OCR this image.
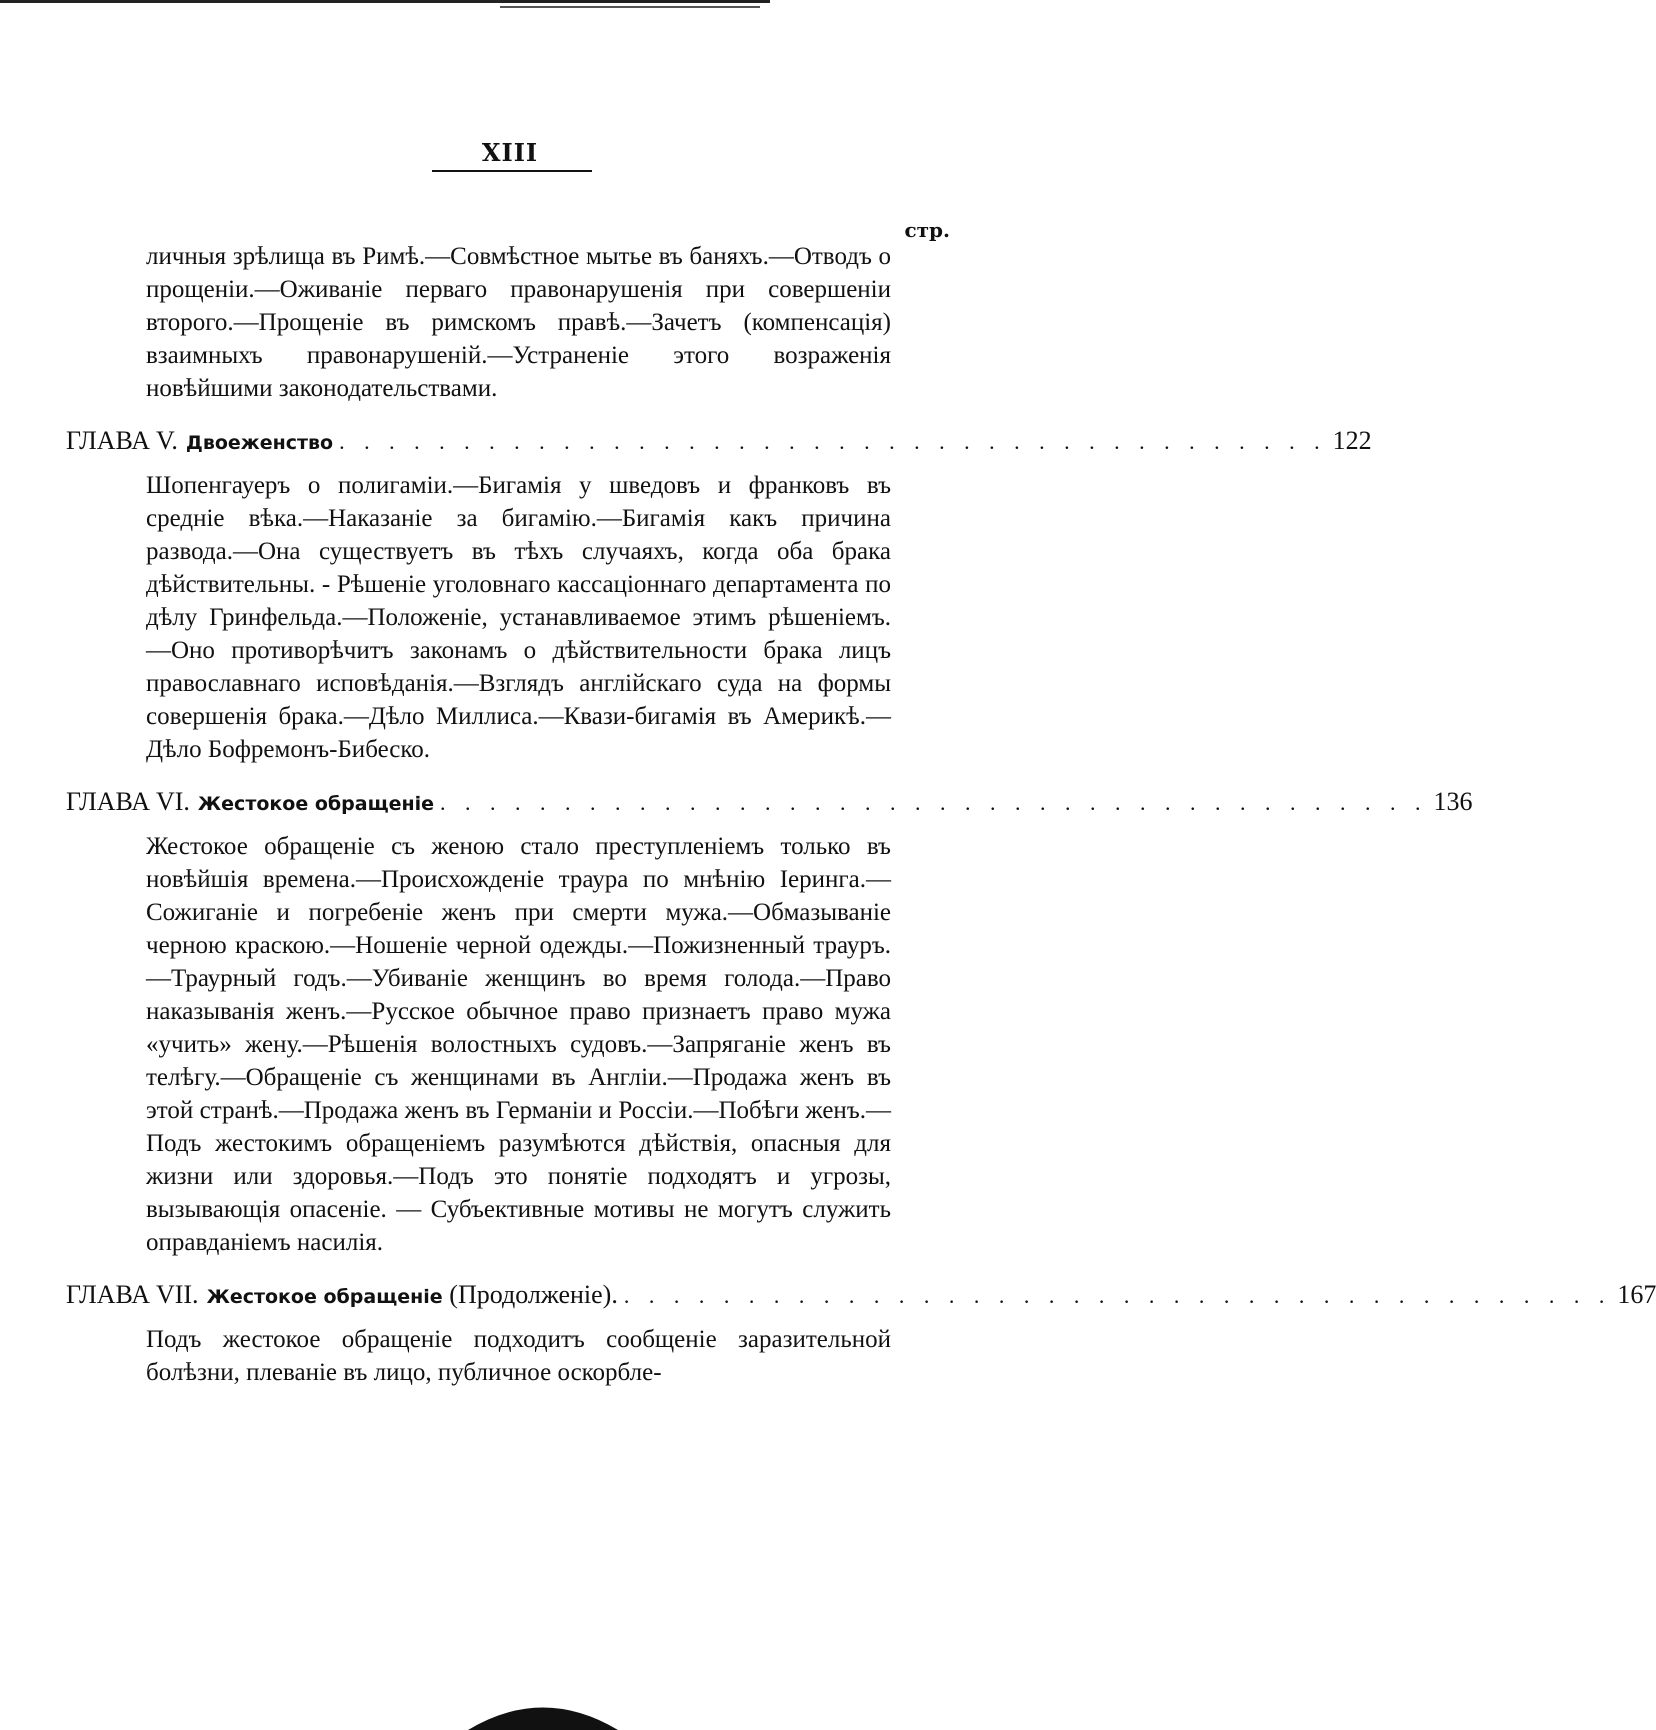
XIII
стр.

личныя зрѣлища въ Римѣ.—Совмѣстное мытье въ баняхъ.—Отводъ о прощеніи.—Оживаніе перваго правонарушенія при совершеніи второго.—Прощеніе въ римскомъ правѣ.—Зачетъ (компенсація) взаимныхъ правонарушеній.—Устраненіе этого возраженія новѣйшими законодательствами.

ГЛАВА V. Двоеженство . . . . . . . . . . . . . . . . . . . . . . . . . . . . . . . . . . . . . . . . 122

Шопенгауеръ о полигаміи.—Бигамія у шведовъ и франковъ въ средніе вѣка.—Наказаніе за бигамію.—Бигамія какъ причина развода.—Она существуетъ въ тѣхъ случаяхъ, когда оба брака дѣйствительны. - Рѣшеніе уголовнаго кассаціоннаго департамента по дѣлу Гринфельда.—Положеніе, устанавливаемое этимъ рѣшеніемъ.—Оно противорѣчитъ законамъ о дѣйствительности брака лицъ православнаго исповѣданія.—Взглядъ англійскаго суда на формы совершенія брака.—Дѣло Миллиса.—Квази-бигамія въ Америкѣ.—Дѣло Бофремонъ-Бибеско.

ГЛАВА VI. Жестокое обращеніе . . . . . . . . . . . . . . . . . . . . . . . . . . . . . . . . . . . . . . . . 136

Жестокое обращеніе съ женою стало преступленіемъ только въ новѣйшія времена.—Происхожденіе траура по мнѣнію Іеринга.—Сожиганіе и погребеніе женъ при смерти мужа.—Обмазываніе черною краскою.—Ношеніе черной одежды.—Пожизненный трауръ.—Траурный годъ.—Убиваніе женщинъ во время голода.—Право наказыванія женъ.—Русское обычное право признаетъ право мужа «учить» жену.—Рѣшенія волостныхъ судовъ.—Запряганіе женъ въ телѣгу.—Обращеніе съ женщинами въ Англіи.—Продажа женъ въ этой странѣ.—Продажа женъ въ Германіи и Россіи.—Побѣги женъ.—Подъ жестокимъ обращеніемъ разумѣются дѣйствія, опасныя для жизни или здоровья.—Подъ это понятіе подходятъ и угрозы, вызывающія опасеніе. — Субъективные мотивы не могутъ служить оправданіемъ насилія.

ГЛАВА VII. Жестокое обращеніе (Продолженіе). . . . . . . . . . . . . . . . . . . . . . . . . . . . . . . . . . . . . . . . . 167

Подъ жестокое обращеніе подходитъ сообщеніе заразительной болѣзни, плеваніе въ лицо, публичное оскорбле-
